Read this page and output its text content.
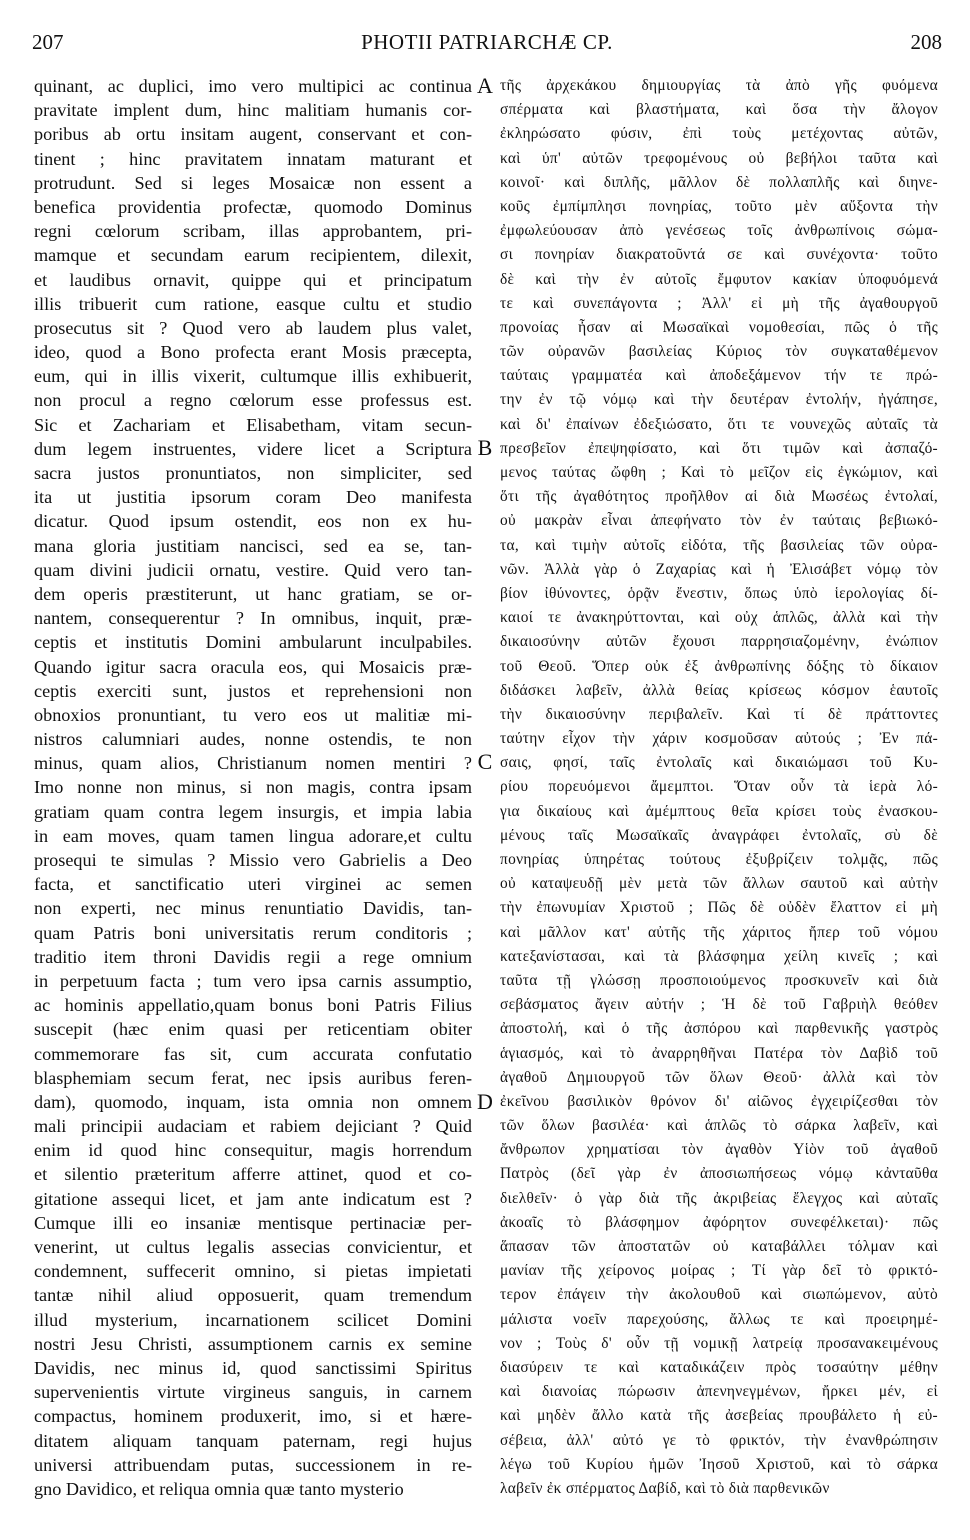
207	PHOTII PATRIARCHÆ CP.	208
quinant, ac duplici, imo vero multipici ac continua
pravitate implent dum, hinc malitiam humanis cor-
poribus ab ortu insitam augent, conservant et con-
tinent ; hinc pravitatem innatam maturant et
protrudunt. Sed si leges Mosaicæ non essent a
benefica providentia profectæ, quomodo Dominus
regni cœlorum scribam, illas approbantem, pri-
mamque et secundam earum recipientem, dilexit,
et laudibus ornavit, quippe qui et principatum
illis tribuerit cum ratione, easque cultu et studio
prosecutus sit ? Quod vero ab laudem plus valet,
ideo, quod a Bono profecta erant Mosis præcepta,
eum, qui in illis vixerit, cultumque illis exhibuerit,
non procul a regno cœlorum esse professus est.
Sic et Zachariam et Elisabetham, vitam secun-
dum legem instruentes, videre licet a Scriptura
sacra justos pronuntiatos, non simpliciter, sed
ita ut justitia ipsorum coram Deo manifesta
dicatur. Quod ipsum ostendit, eos non ex hu-
mana gloria justitiam nancisci, sed ea se, tan-
quam divini judicii ornatu, vestire. Quid vero tan-
dem operis præstiterunt, ut hanc gratiam, se or-
nantem, consequerentur ? In omnibus, inquit, præ-
ceptis et institutis Domini ambularunt inculpabiles.
Quando igitur sacra oracula eos, qui Mosaicis præ-
ceptis exerciti sunt, justos et reprehensioni non
obnoxios pronuntiant, tu vero eos ut malitiæ mi-
nistros calumniari audes, nonne ostendis, te non
minus, quam alios, Christianum nomen mentiri ?
Imo nonne non minus, si non magis, contra ipsam
gratiam quam contra legem insurgis, et impia labia
in eam moves, quam tamen lingua adorare,et cultu
prosequi te simulas ? Missio vero Gabrielis a Deo
facta, et sanctificatio uteri virginei ac semen
non experti, nec minus renuntiatio Davidis, tan-
quam Patris boni universitatis rerum conditoris ;
traditio item throni Davidis regii a rege omnium
in perpetuum facta ; tum vero ipsa carnis assumptio,
ac hominis appellatio,quam bonus boni Patris Filius
suscepit (hæc enim quasi per reticentiam obiter
commemorare fas sit, cum accurata confutatio
blasphemiam secum ferat, nec ipsis auribus feren-
dam), quomodo, inquam, ista omnia non omnem
mali principii audaciam et rabiem dejiciant ? Quid
enim id quod hinc consequitur, magis horrendum
et silentio præteritum afferre attinet, quod et co-
gitatione assequi licet, et jam ante indicatum est ?
Cumque illi eo insaniæ mentisque pertinaciæ per-
venerint, ut cultus legalis assecias convicientur, et
condemnent, suffecerit omnino, si pietas impietati
tantæ nihil aliud opposuerit, quam tremendum
illud mysterium, incarnationem scilicet Domini
nostri Jesu Christi, assumptionem carnis ex semine
Davidis, nec minus id, quod sanctissimi Spiritus
supervenientis virtute virgineus sanguis, in carnem
compactus, hominem produxerit, imo, si et hære-
ditatem aliquam tanquam paternam, regi hujus
universi attribuendam putas, successionem in re-
gno Davidico, et reliqua omnia quæ tanto mysterio
τῆς ἀρχεκάκου δημιουργίας τὰ ἀπὸ γῆς φυόμενα
σπέρματα καὶ βλαστήματα, καὶ ὅσα τὴν ἄλογον
ἐκληρώσατο φύσιν, ἐπὶ τοὺς μετέχοντας αὐτῶν,
καὶ ὑπ' αὐτῶν τρεφομένους οὐ βεβήλοι ταῦτα καὶ
κοινοῖ· καὶ διπλῆς, μᾶλλον δὲ πολλαπλῆς καὶ διηνε-
κοῦς ἐμπίμπλησι πονηρίας, τοῦτο μὲν αὔξοντα τὴν
ἐμφωλεύουσαν ἀπὸ γενέσεως τοῖς ἀνθρωπίνοις σώμα-
σι πονηρίαν διακρατοῦντά σε καὶ συνέχοντα· τοῦτο
δὲ καὶ τὴν ἐν αὐτοῖς ἔμφυτον κακίαν ὑποφυόμενά
τε καὶ συνεπάγοντα ; Ἀλλ' εἰ μὴ τῆς ἀγαθουργοῦ
προνοίας ἦσαν αἱ Μωσαϊκαὶ νομοθεσίαι, πῶς ὁ τῆς
τῶν οὐρανῶν βασιλείας Κύριος τὸν συγκαταθέμενον
ταύταις γραμματέα καὶ ἀποδεξάμενον τήν τε πρώ-
την ἐν τῷ νόμῳ καὶ τὴν δευτέραν ἐντολήν, ἠγάπησε,
καὶ δι' ἐπαίνων ἐδεξιώσατο, ὅτι τε νουνεχῶς αὐταῖς τὰ
πρεσβεῖον ἐπεψηφίσατο, καὶ ὅτι τιμῶν καὶ ἀσπαζό-
μενος ταύτας ὤφθη ; Καὶ τὸ μεῖζον εἰς ἐγκώμιον, καὶ
ὅτι τῆς ἀγαθότητος προῆλθον αἱ διὰ Μωσέως ἐντολαί,
οὐ μακρὰν εἶναι ἀπεφήνατο τὸν ἐν ταύταις βεβιωκό-
τα, καὶ τιμὴν αὐτοῖς εἰδότα, τῆς βασιλείας τῶν οὐρα-
νῶν. Ἀλλὰ γὰρ ὁ Ζαχαρίας καὶ ἡ Ἐλισάβετ νόμῳ τὸν
βίον ἰθύνοντες, ὁρᾷν ἔνεστιν, ὅπως ὑπὸ ἱερολογίας δί-
καιοί τε ἀνακηρύττονται, καὶ οὐχ ἁπλῶς, ἀλλὰ καὶ τὴν
δικαιοσύνην αὐτῶν ἔχουσι παρρησιαζομένην, ἐνώπιον
τοῦ Θεοῦ. Ὅπερ οὐκ ἐξ ἀνθρωπίνης δόξης τὸ δίκαιον
διδάσκει λαβεῖν, ἀλλὰ θείας κρίσεως κόσμον ἑαυτοῖς
τὴν δικαιοσύνην περιβαλεῖν. Καὶ τί δὲ πράττοντες
ταύτην εἶχον τὴν χάριν κοσμοῦσαν αὐτούς ; Ἐν πά-
σαις, φησί, ταῖς ἐντολαῖς καὶ δικαιώμασι τοῦ Κυ-
ρίου πορευόμενοι ἄμεμπτοι. Ὅταν οὖν τὰ ἱερὰ λό-
για δικαίους καὶ ἀμέμπτους θεῖα κρίσει τοὺς ἐνασκου-
μένους ταῖς Μωσαϊκαῖς ἀναγράφει ἐντολαῖς, σὺ δὲ
πονηρίας ὑπηρέτας τούτους ἐξυβρίζειν τολμᾷς, πῶς
οὐ καταψευδῇ μὲν μετὰ τῶν ἄλλων σαυτοῦ καὶ αὐτὴν
τὴν ἐπωνυμίαν Χριστοῦ ; Πῶς δὲ οὐδὲν ἔλαττον εἰ μὴ
καὶ μᾶλλον κατ' αὐτῆς τῆς χάριτος ἤπερ τοῦ νόμου
κατεξανίστασαι, καὶ τὰ βλάσφημα χείλη κινεῖς ; καὶ
ταῦτα τῇ γλώσσῃ προσποιούμενος προσκυνεῖν καὶ διὰ
σεβάσματος ἄγειν αὐτήν ; Ἡ δὲ τοῦ Γαβριὴλ θεόθεν
ἀποστολή, καὶ ὁ τῆς ἀσπόρου καὶ παρθενικῆς γαστρὸς
ἁγιασμός, καὶ τὸ ἀναρρηθῆναι Πατέρα τὸν Δαβὶδ τοῦ
ἀγαθοῦ Δημιουργοῦ τῶν ὅλων Θεοῦ· ἀλλὰ καὶ τὸν
ἐκεῖνου βασιλικὸν θρόνον δι' αἰῶνος ἐγχειρίζεσθαι τὸν
τῶν ὅλων βασιλέα· καὶ ἁπλῶς τὸ σάρκα λαβεῖν, καὶ
ἄνθρωπον χρηματίσαι τὸν ἀγαθὸν Υἱὸν τοῦ ἀγαθοῦ
Πατρὸς (δεῖ γὰρ ἐν ἀποσιωπήσεως νόμῳ κἀνταῦθα
διελθεῖν· ὁ γὰρ διὰ τῆς ἀκριβείας ἔλεγχος καὶ αὐταῖς
ἀκοαῖς τὸ βλάσφημον ἀφόρητον συνεφέλκεται)· πῶς
ἅπασαν τῶν ἀποστατῶν οὐ καταβάλλει τόλμαν καὶ
μανίαν τῆς χείρονος μοίρας ; Τί γὰρ δεῖ τὸ φρικτό-
τερον ἐπάγειν τὴν ἀκολουθοῦ καὶ σιωπώμενον, αὐτὸ
μάλιστα νοεῖν παρεχούσης, ἄλλως τε καὶ προειρημέ-
νον ; Τοὺς δ' οὖν τῇ νομικῇ λατρείᾳ προσανακειμένους
διασύρειν τε καὶ καταδικάζειν πρὸς τοσαύτην μέθην
καὶ διανοίας πώρωσιν ἀπενηνεγμένων, ἤρκει μέν, εἰ
καὶ μηδὲν ἄλλο κατὰ τῆς ἀσεβείας προυβάλετο ἡ εὐ-
σέβεια, ἀλλ' αὐτό γε τὸ φρικτόν, τὴν ἐνανθρώπησιν
λέγω τοῦ Κυρίου ἡμῶν Ἰησοῦ Χριστοῦ, καὶ τὸ σάρκα
λαβεῖν ἐκ σπέρματος Δαβίδ, καὶ τὸ διὰ παρθενικῶν
A
B
C
D
